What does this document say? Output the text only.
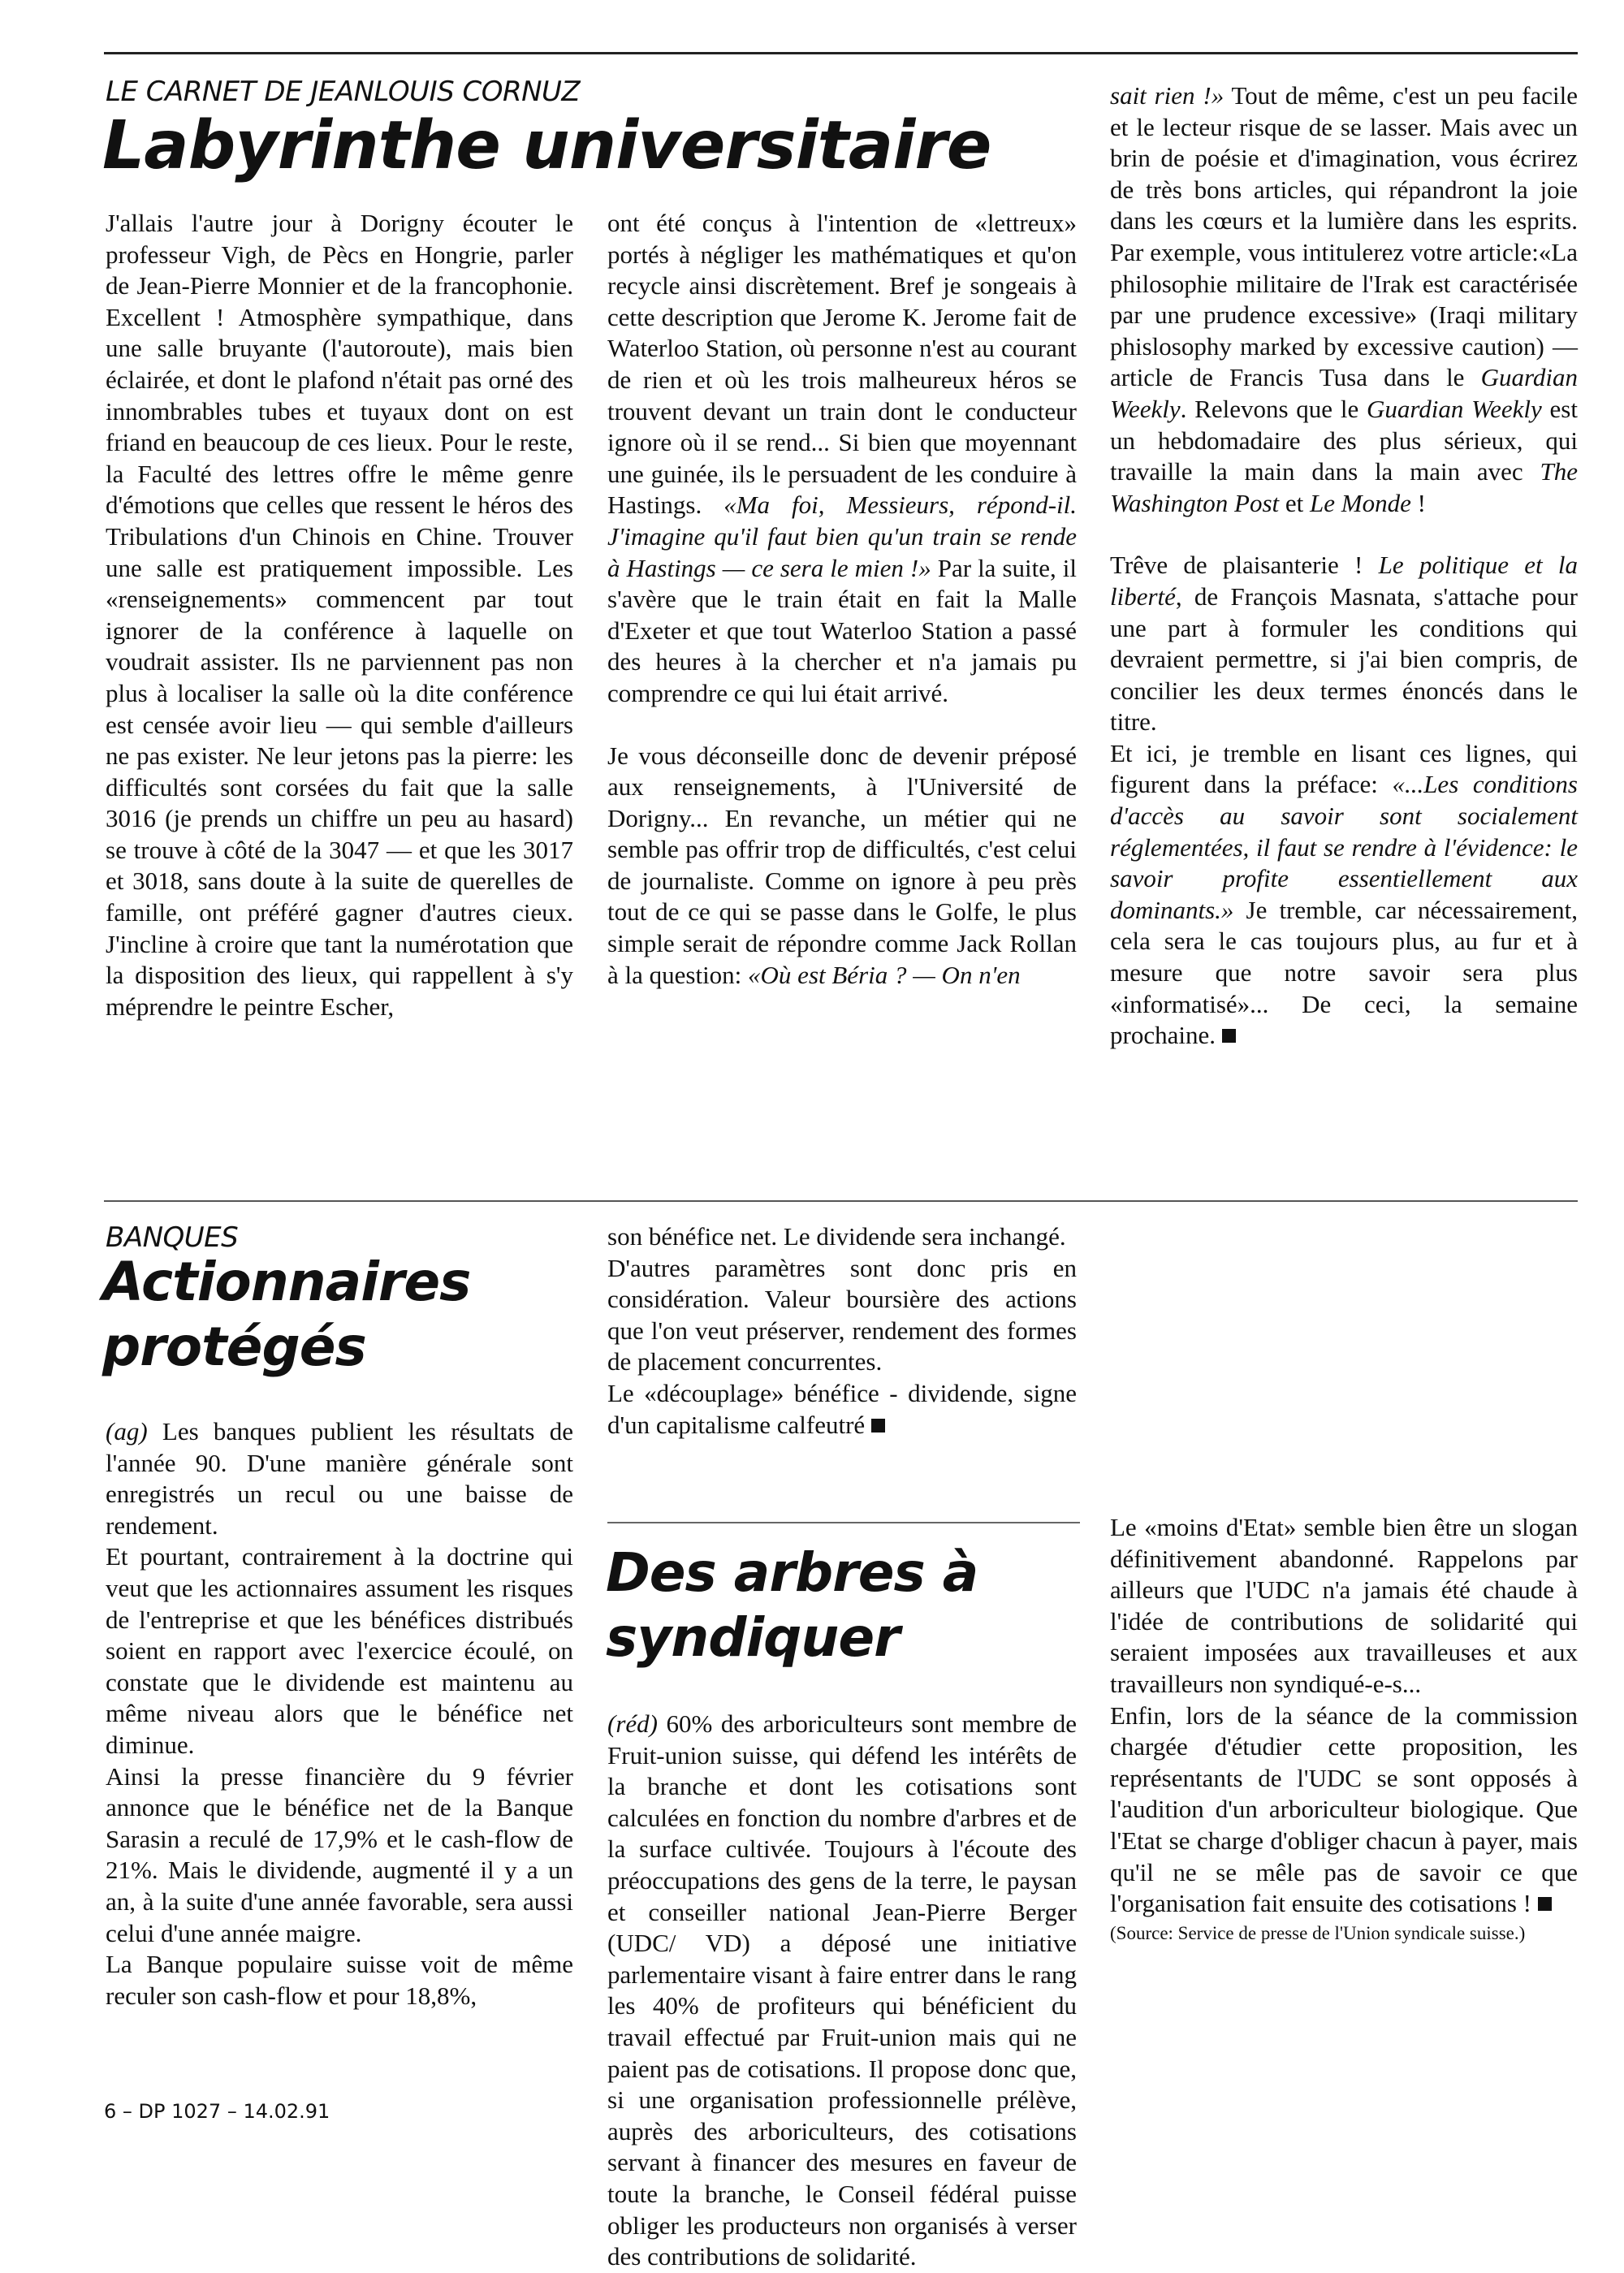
LE CARNET DE JEANLOUIS CORNUZ

Labyrinthe universitaire

J'allais l'autre jour à Dorigny écouter le professeur Vigh, de Pècs en Hongrie, parler de Jean-Pierre Monnier et de la francophonie. Excellent ! Atmosphère sympathique, dans une salle bruyante (l'autoroute), mais bien éclairée, et dont le plafond n'était pas orné des innombrables tubes et tuyaux dont on est friand en beaucoup de ces lieux. Pour le reste, la Faculté des lettres offre le même genre d'émotions que celles que ressent le héros des Tribulations d'un Chinois en Chine. Trouver une salle est pratiquement impossible. Les «renseignements» commencent par tout ignorer de la conférence à laquelle on voudrait assister. Ils ne parviennent pas non plus à localiser la salle où la dite conférence est censée avoir lieu — qui semble d'ailleurs ne pas exister. Ne leur jetons pas la pierre: les difficultés sont corsées du fait que la salle 3016 (je prends un chiffre un peu au hasard) se trouve à côté de la 3047 — et que les 3017 et 3018, sans doute à la suite de querelles de famille, ont préféré gagner d'autres cieux. J'incline à croire que tant la numérotation que la disposition des lieux, qui rappellent à s'y méprendre le peintre Escher,

ont été conçus à l'intention de «lettreux» portés à négliger les mathématiques et qu'on recycle ainsi discrètement. Bref je songeais à cette description que Jerome K. Jerome fait de Waterloo Station, où personne n'est au courant de rien et où les trois malheureux héros se trouvent devant un train dont le conducteur ignore où il se rend... Si bien que moyennant une guinée, ils le persuadent de les conduire à Hastings. «Ma foi, Messieurs, répond-il. J'imagine qu'il faut bien qu'un train se rende à Hastings — ce sera le mien !» Par la suite, il s'avère que le train était en fait la Malle d'Exeter et que tout Waterloo Station a passé des heures à la chercher et n'a jamais pu comprendre ce qui lui était arrivé.

Je vous déconseille donc de devenir préposé aux renseignements, à l'Université de Dorigny... En revanche, un métier qui ne semble pas offrir trop de difficultés, c'est celui de journaliste. Comme on ignore à peu près tout de ce qui se passe dans le Golfe, le plus simple serait de répondre comme Jack Rollan à la question: «Où est Béria ? — On n'en

sait rien !» Tout de même, c'est un peu facile et le lecteur risque de se lasser. Mais avec un brin de poésie et d'imagination, vous écrirez de très bons articles, qui répandront la joie dans les cœurs et la lumière dans les esprits. Par exemple, vous intitulerez votre article:«La philosophie militaire de l'Irak est caractérisée par une prudence excessive» (Iraqi military phislosophy marked by excessive caution) — article de Francis Tusa dans le Guardian Weekly. Relevons que le Guardian Weekly est un hebdomadaire des plus sérieux, qui travaille la main dans la main avec The Washington Post et Le Monde !

Trêve de plaisanterie ! Le politique et la liberté, de François Masnata, s'attache pour une part à formuler les conditions qui devraient permettre, si j'ai bien compris, de concilier les deux termes énoncés dans le titre.

Et ici, je tremble en lisant ces lignes, qui figurent dans la préface: «...Les conditions d'accès au savoir sont socialement réglementées, il faut se rendre à l'évidence: le savoir profite essentiellement aux dominants.» Je tremble, car nécessairement, cela sera le cas toujours plus, au fur et à mesure que notre savoir sera plus «informatisé»... De ceci, la semaine prochaine.

BANQUES

Actionnaires
protégés

(ag) Les banques publient les résultats de l'année 90. D'une manière générale sont enregistrés un recul ou une baisse de rendement.

Et pourtant, contrairement à la doctrine qui veut que les actionnaires assument les risques de l'entreprise et que les bénéfices distribués soient en rapport avec l'exercice écoulé, on constate que le dividende est maintenu au même niveau alors que le bénéfice net diminue.

Ainsi la presse financière du 9 février annonce que le bénéfice net de la Banque Sarasin a reculé de 17,9% et le cash-flow de 21%. Mais le dividende, augmenté il y a un an, à la suite d'une année favorable, sera aussi celui d'une année maigre.

La Banque populaire suisse voit de même reculer son cash-flow et pour 18,8%,

son bénéfice net. Le dividende sera inchangé.

D'autres paramètres sont donc pris en considération. Valeur boursière des actions que l'on veut préserver, rendement des formes de placement concurrentes.

Le «découplage» bénéfice - dividende, signe d'un capitalisme calfeutré

Des arbres à
syndiquer

(réd) 60% des arboriculteurs sont membre de Fruit-union suisse, qui défend les intérêts de la branche et dont les cotisations sont calculées en fonction du nombre d'arbres et de la surface cultivée. Toujours à l'écoute des préoccupations des gens de la terre, le paysan et conseiller national Jean-Pierre Berger (UDC/ VD) a déposé une initiative parlementaire visant à faire entrer dans le rang les 40% de profiteurs qui bénéficient du travail effectué par Fruit-union mais qui ne paient pas de cotisations. Il propose donc que, si une organisation professionnelle prélève, auprès des arboriculteurs, des cotisations servant à financer des mesures en faveur de toute la branche, le Conseil fédéral puisse obliger les producteurs non organisés à verser des contributions de solidarité.

Le «moins d'Etat» semble bien être un slogan définitivement abandonné. Rappelons par ailleurs que l'UDC n'a jamais été chaude à l'idée de contributions de solidarité qui seraient imposées aux travailleuses et aux travailleurs non syndiqué-e-s...

Enfin, lors de la séance de la commission chargée d'étudier cette proposition, les représentants de l'UDC se sont opposés à l'audition d'un arboriculteur biologique. Que l'Etat se charge d'obliger chacun à payer, mais qu'il ne se mêle pas de savoir ce que l'organisation fait ensuite des cotisations !

(Source: Service de presse de l'Union syndicale suisse.)

6 – DP 1027 – 14.02.91
